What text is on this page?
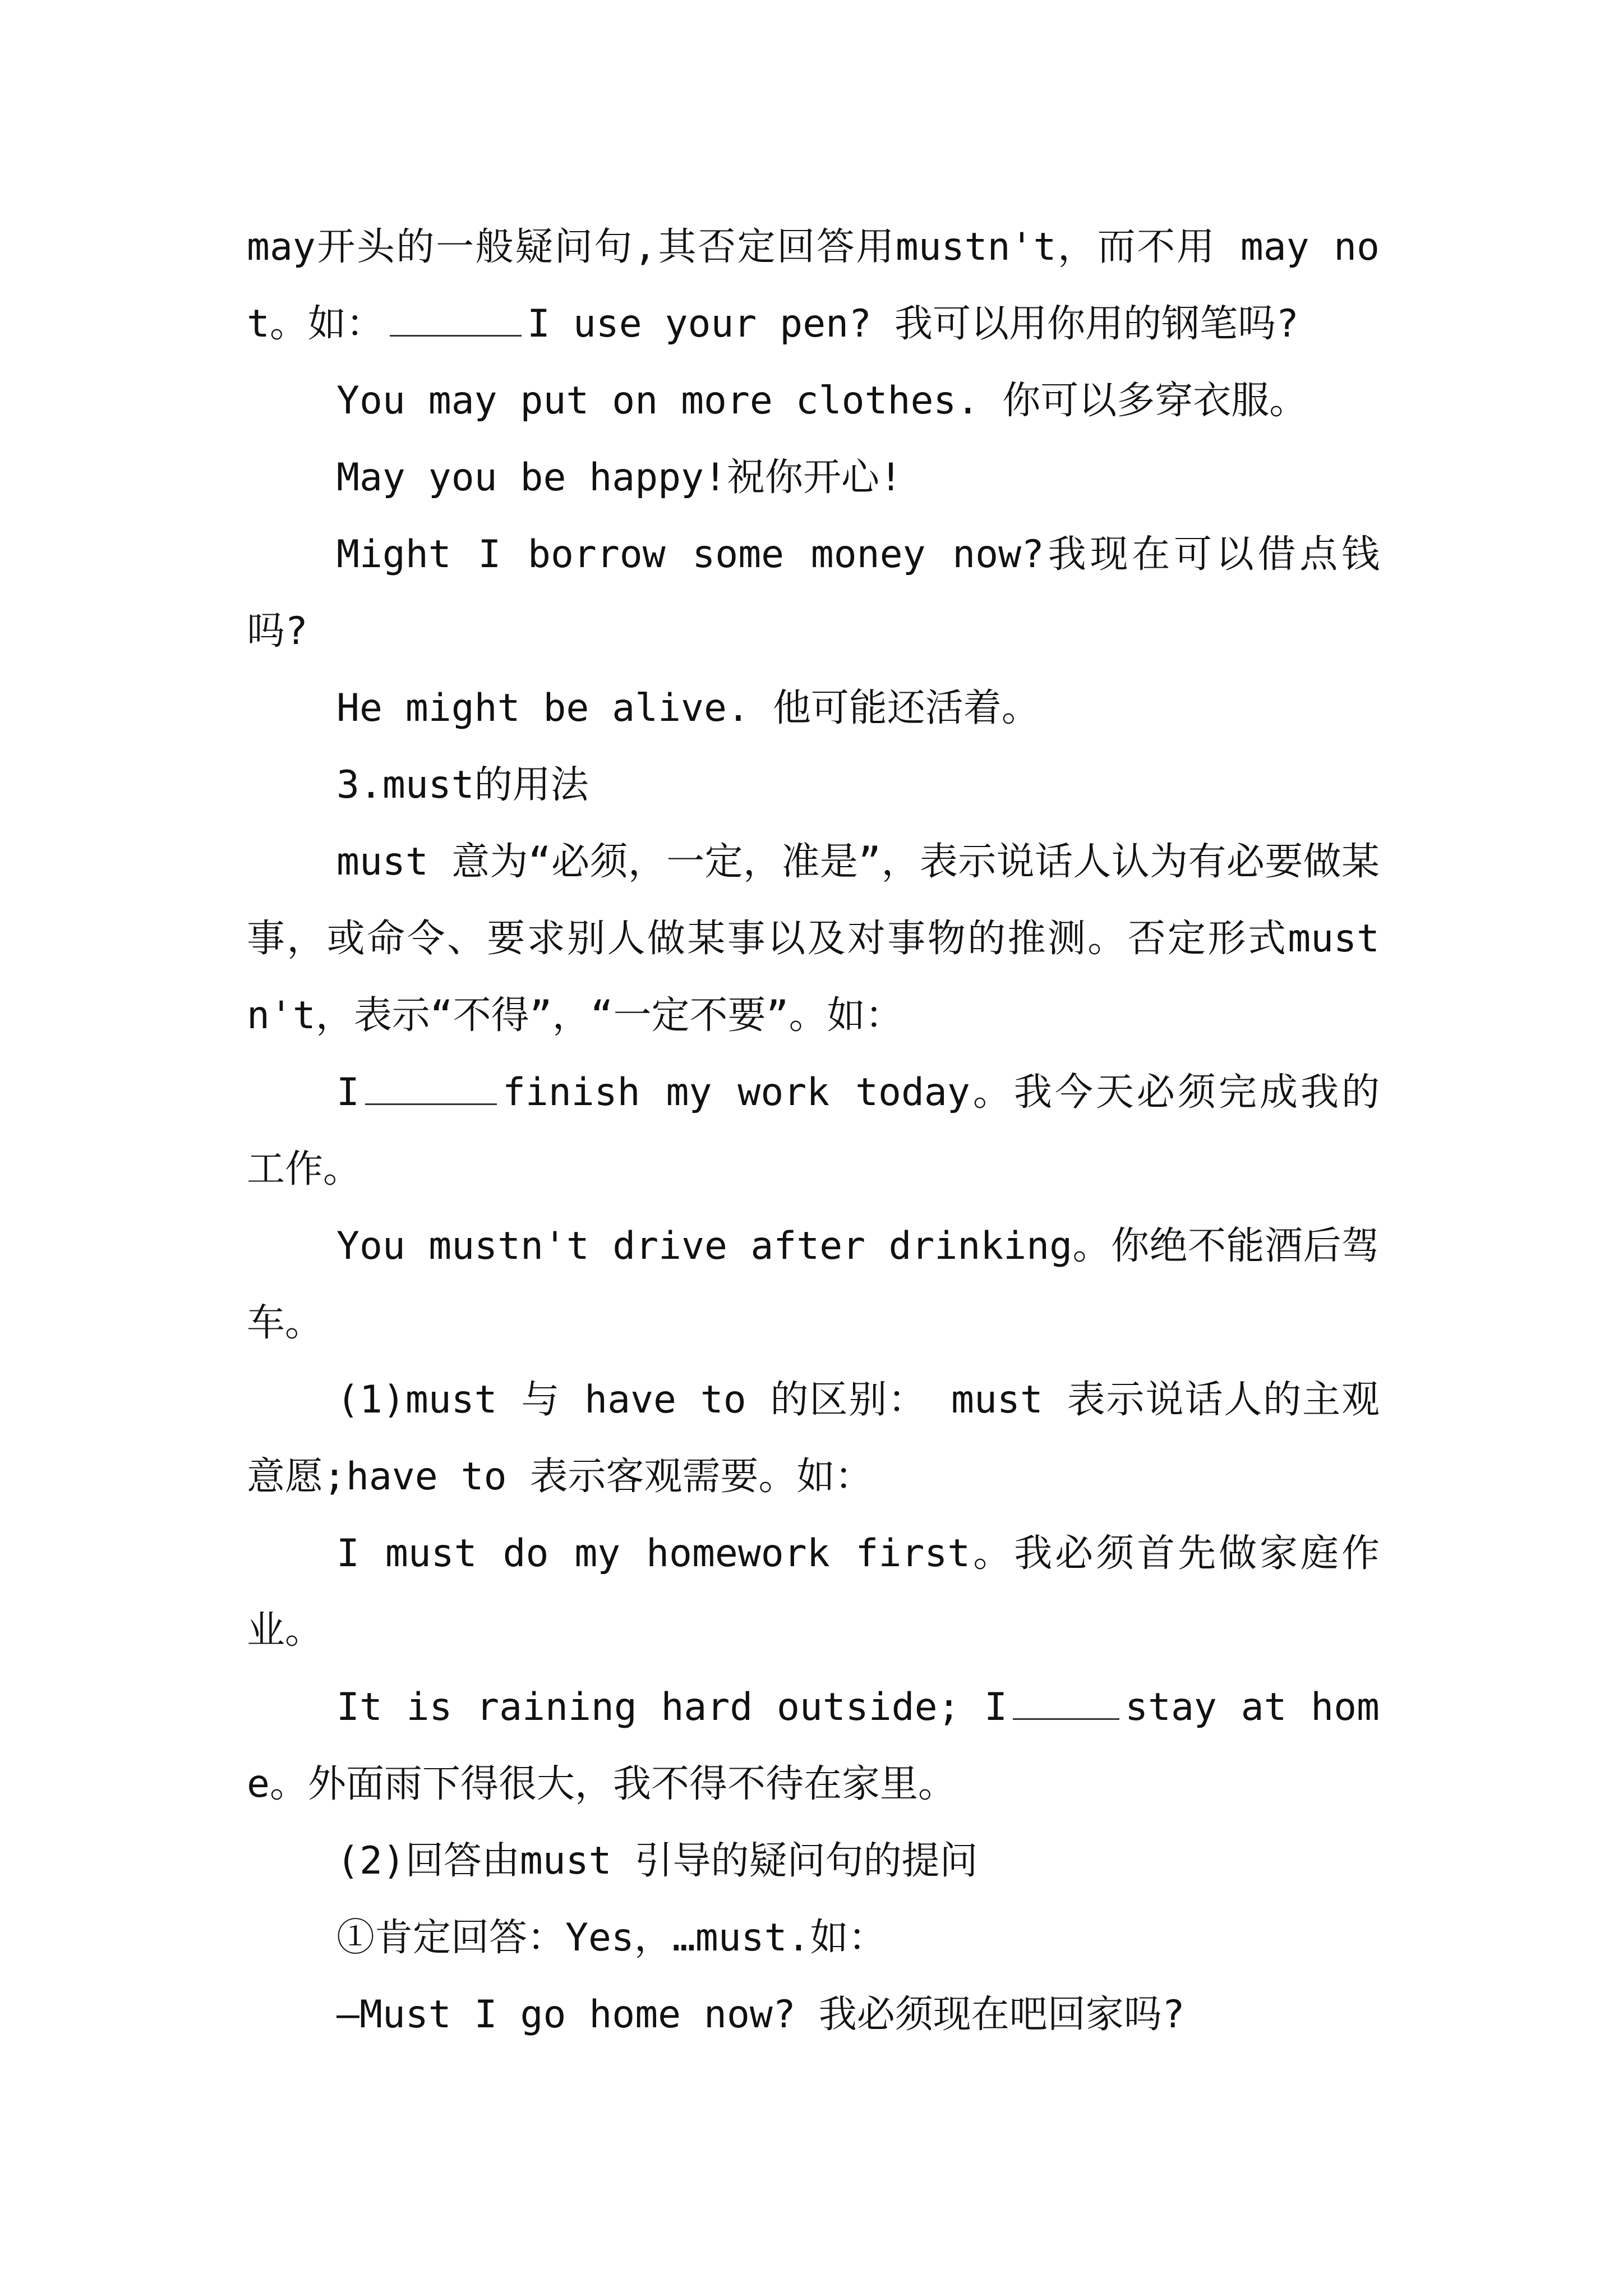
may开头的一般疑问句,其否定回答用mustn't，而不用 may not。如：	I use your pen? 我可以用你用的钢笔吗?

You may put on more clothes. 你可以多穿衣服。

May you be happy!祝你开心!

Might I borrow some money now?我现在可以借点钱吗?

He might be alive. 他可能还活着。

3.must的用法

must 意为“必须，一定，准是”，表示说话人认为有必要做某事，或命令、要求别人做某事以及对事物的推测。否定形式mustn't，表示“不得”，“一定不要”。如：

I	finish my work today。我今天必须完成我的工作。

You mustn't drive after drinking。你绝不能酒后驾车。

(1)must 与 have to 的区别： must 表示说话人的主观意愿;have to 表示客观需要。如：

I must do my homework first。我必须首先做家庭作业。

It is raining hard outside; I	stay at home。外面雨下得很大，我不得不待在家里。

(2)回答由must 引导的疑问句的提问

①肯定回答：Yes，…must.如：

—Must I go home now? 我必须现在吧回家吗?
